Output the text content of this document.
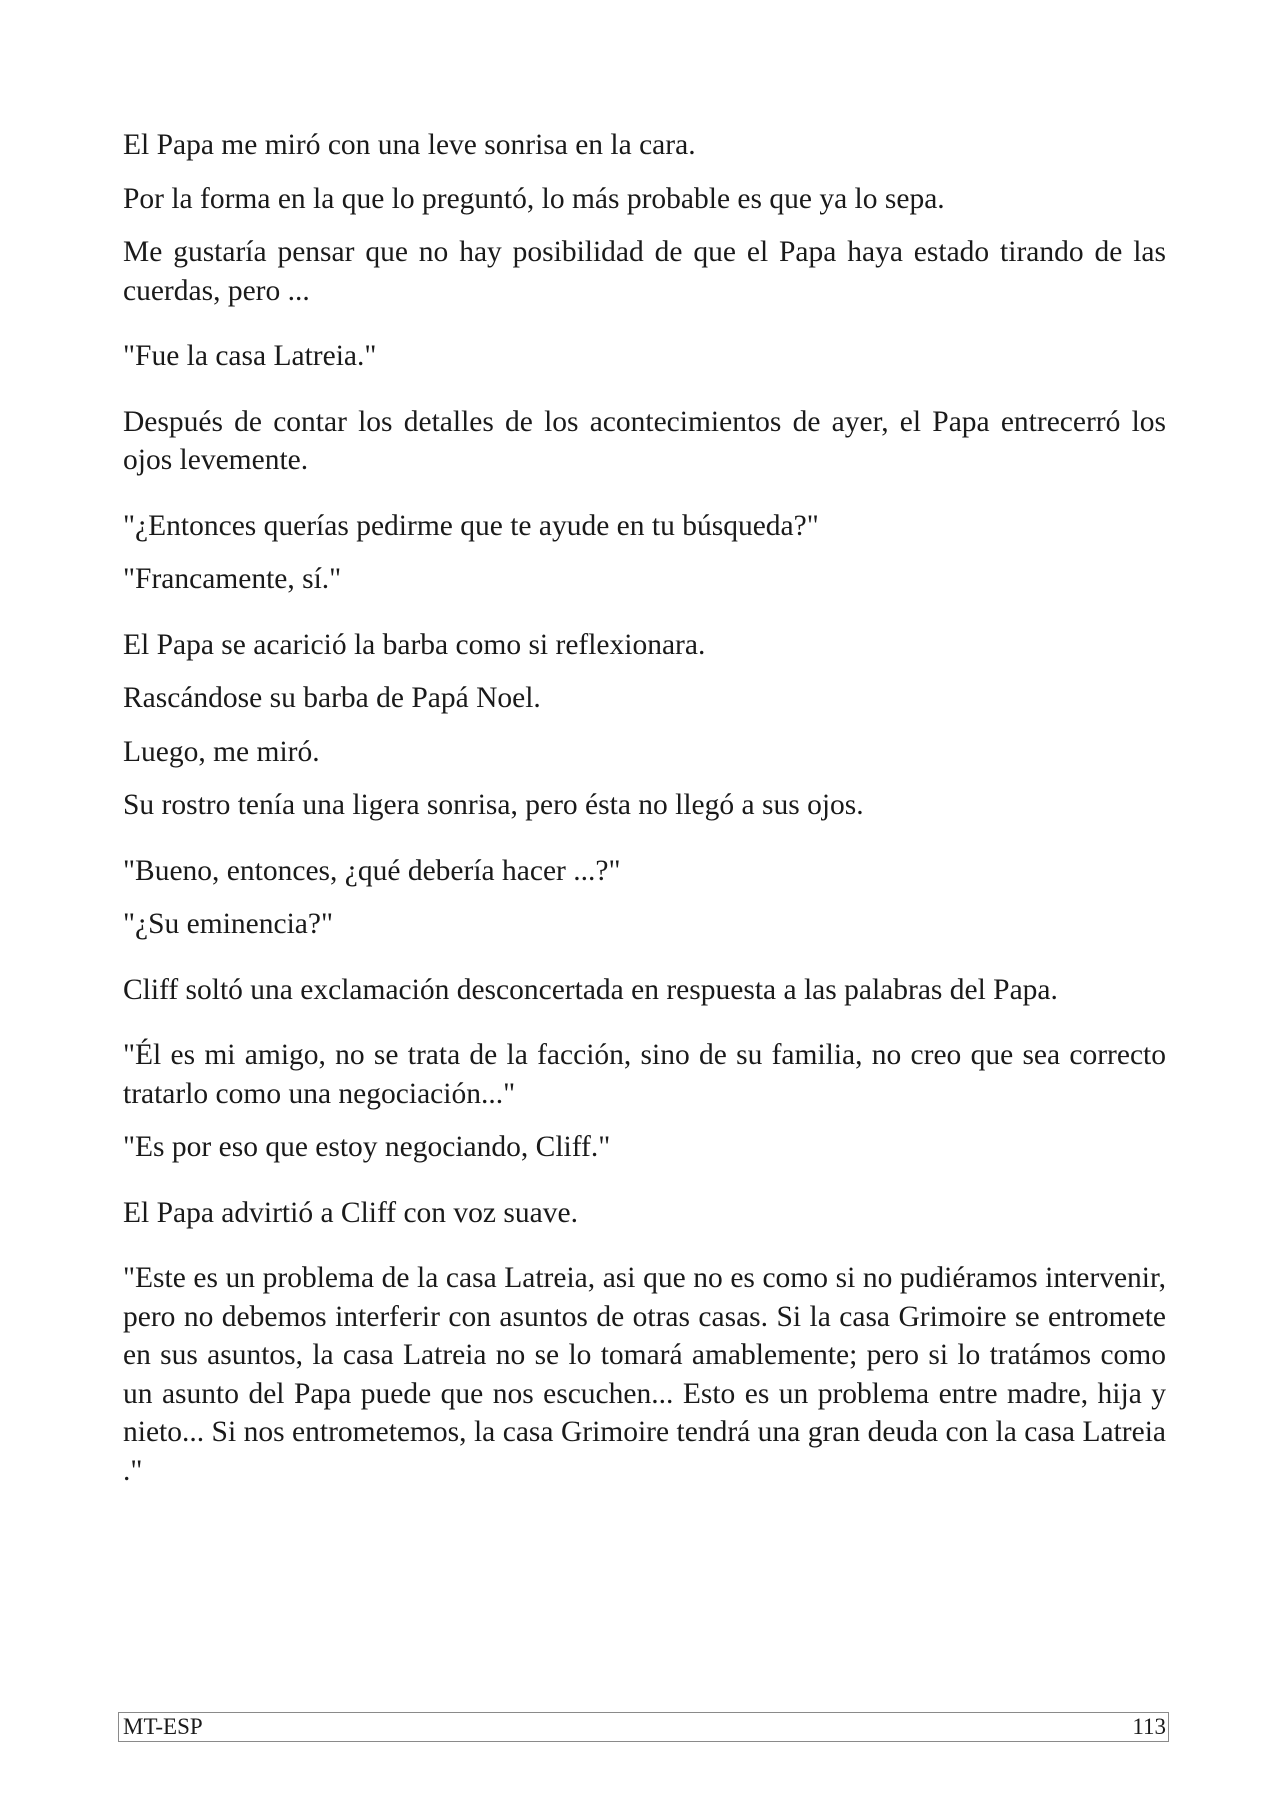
El Papa me miró con una leve sonrisa en la cara.

Por la forma en la que lo preguntó, lo más probable es que ya lo sepa.

Me gustaría pensar que no hay posibilidad de que el Papa haya estado tirando de las cuerdas, pero ...

"Fue la casa Latreia."

Después de contar los detalles de los acontecimientos de ayer, el Papa entrecerró los ojos levemente.

"¿Entonces querías pedirme que te ayude en tu búsqueda?"

"Francamente, sí."

El Papa se acarició la barba como si reflexionara.

Rascándose su barba de Papá Noel.

Luego, me miró.

Su rostro tenía una ligera sonrisa, pero ésta no llegó a sus ojos.

"Bueno, entonces, ¿qué debería hacer ...?"

"¿Su eminencia?"

Cliff soltó una exclamación desconcertada en respuesta a las palabras del Papa.

"Él es mi amigo, no se trata de la facción, sino de su familia, no creo que sea correcto tratarlo como una negociación..."

"Es por eso que estoy negociando, Cliff."

El Papa advirtió a Cliff con voz suave.

"Este es un problema de la casa Latreia, asi que no es como si no pudiéramos intervenir, pero no debemos interferir con asuntos de otras casas. Si la casa Grimoire se entromete en sus asuntos, la casa Latreia no se lo tomará amablemente; pero si lo tratámos como un asunto del Papa puede que nos escuchen... Esto es un problema entre madre, hija y nieto... Si nos entrometemos, la casa Grimoire tendrá una gran deuda con la casa Latreia ."

MT-ESP	113
